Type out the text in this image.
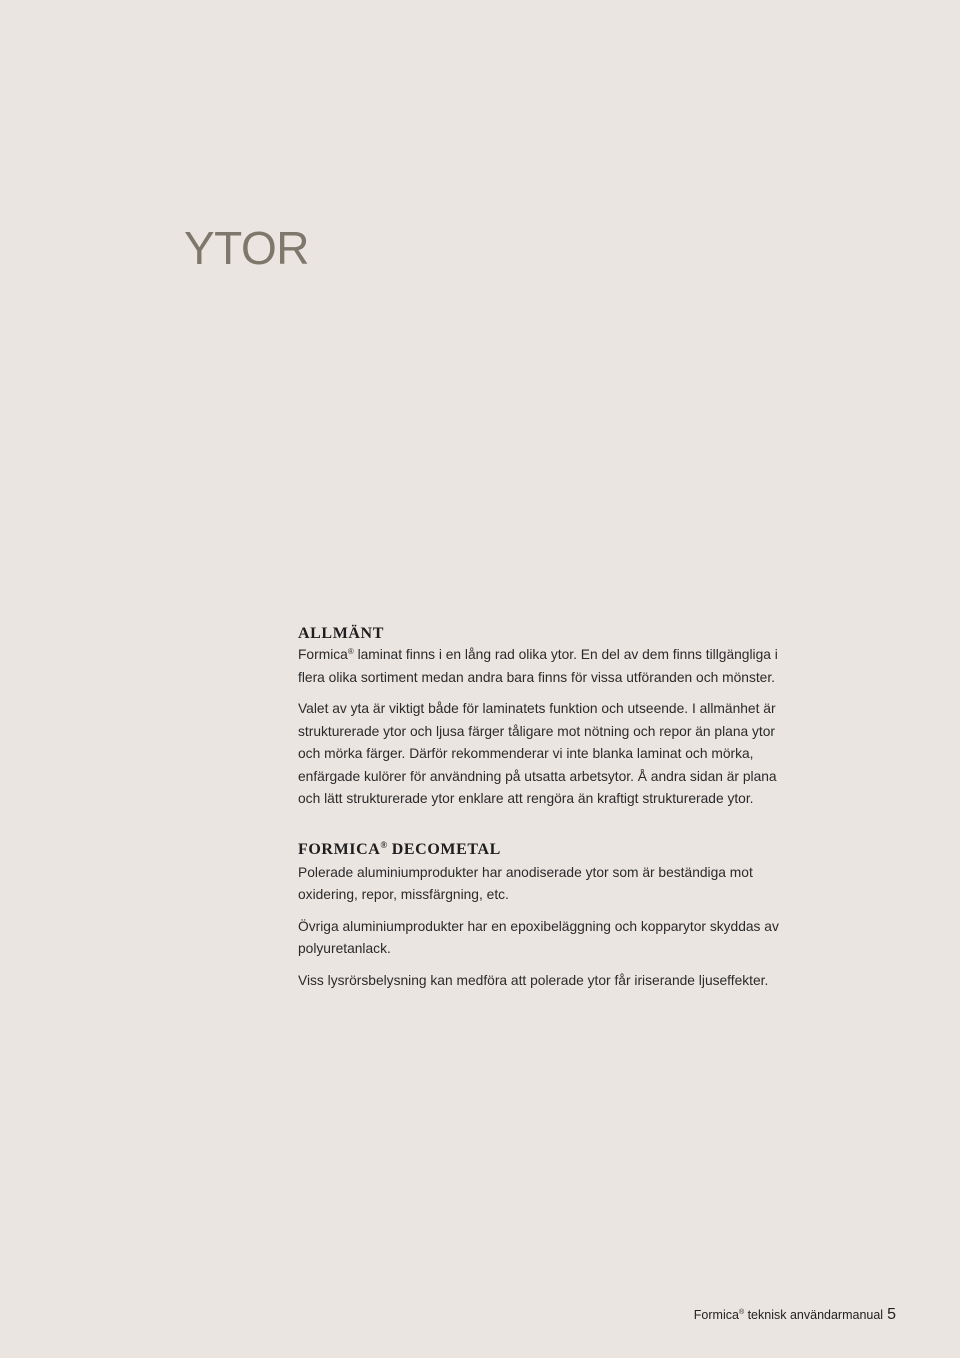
YTOR
ALLMÄNT

Formica® laminat finns i en lång rad olika ytor. En del av dem finns tillgängliga i flera olika sortiment medan andra bara finns för vissa utföranden och mönster.

Valet av yta är viktigt både för laminatets funktion och utseende. I allmänhet är strukturerade ytor och ljusa färger tåligare mot nötning och repor än plana ytor och mörka färger. Därför rekommenderar vi inte blanka laminat och mörka, enfärgade kulörer för användning på utsatta arbetsytor. Å andra sidan är plana och lätt strukturerade ytor enklare att rengöra än kraftigt strukturerade ytor.

FORMICA® DECOMETAL

Polerade aluminiumprodukter har anodiserade ytor som är beständiga mot oxidering, repor, missfärgning, etc.

Övriga aluminiumprodukter har en epoxibeläggning och kopparytor skyddas av polyuretanlack.

Viss lysrörsbelysning kan medföra att polerade ytor får iriserande ljuseffekter.

Formica® teknisk användarmanual 5
